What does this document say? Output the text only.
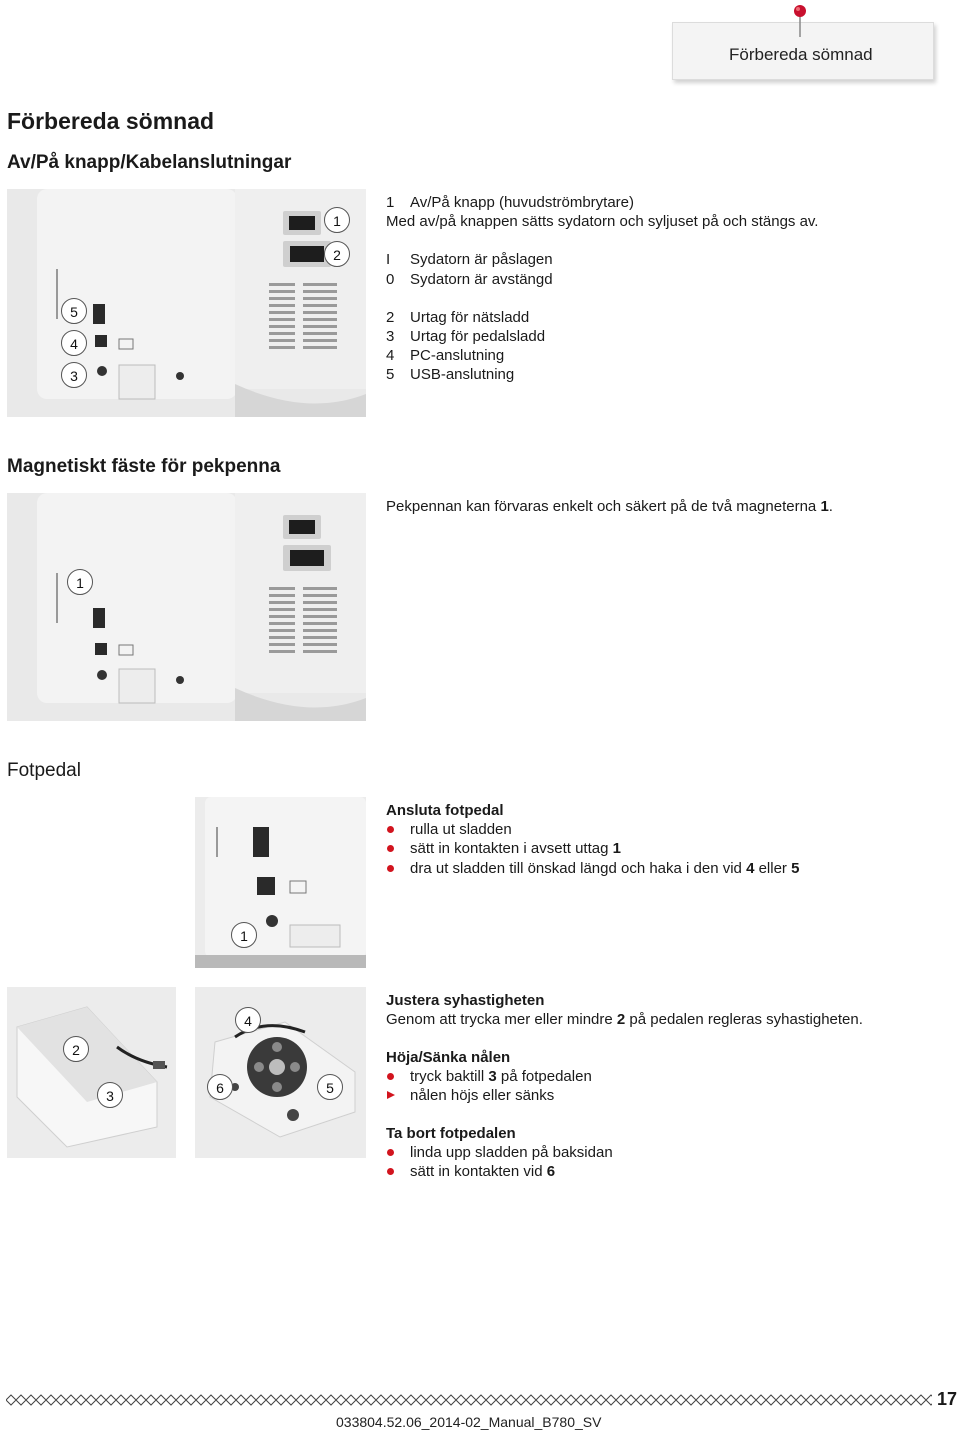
Förbereda sömnad
Förbereda sömnad
Av/På knapp/Kabelanslutningar
1
2
5
4
3
1 Av/På knapp (huvudströmbrytare)
Med av/på knappen sätts sydatorn och syljuset på och stängs av.
I Sydatorn är påslagen
0 Sydatorn är avstängd
2 Urtag för nätsladd
3 Urtag för pedalsladd
4 PC-anslutning
5 USB-anslutning
Magnetiskt fäste för pekpenna
1
Pekpennan kan förvaras enkelt och säkert på de två magneterna 1.
Fotpedal
1
Ansluta fotpedal
rulla ut sladden
sätt in kontakten i avsett uttag 1
dra ut sladden till önskad längd och haka i den vid 4 eller 5
2
3
4
6	5
Justera syhastigheten
Genom att trycka mer eller mindre 2 på pedalen regleras syhastigheten.
Höja/Sänka nålen
tryck baktill 3 på fotpedalen
nålen höjs eller sänks
Ta bort fotpedalen
linda upp sladden på baksidan
sätt in kontakten vid 6
17
033804.52.06_2014-02_Manual_B780_SV
